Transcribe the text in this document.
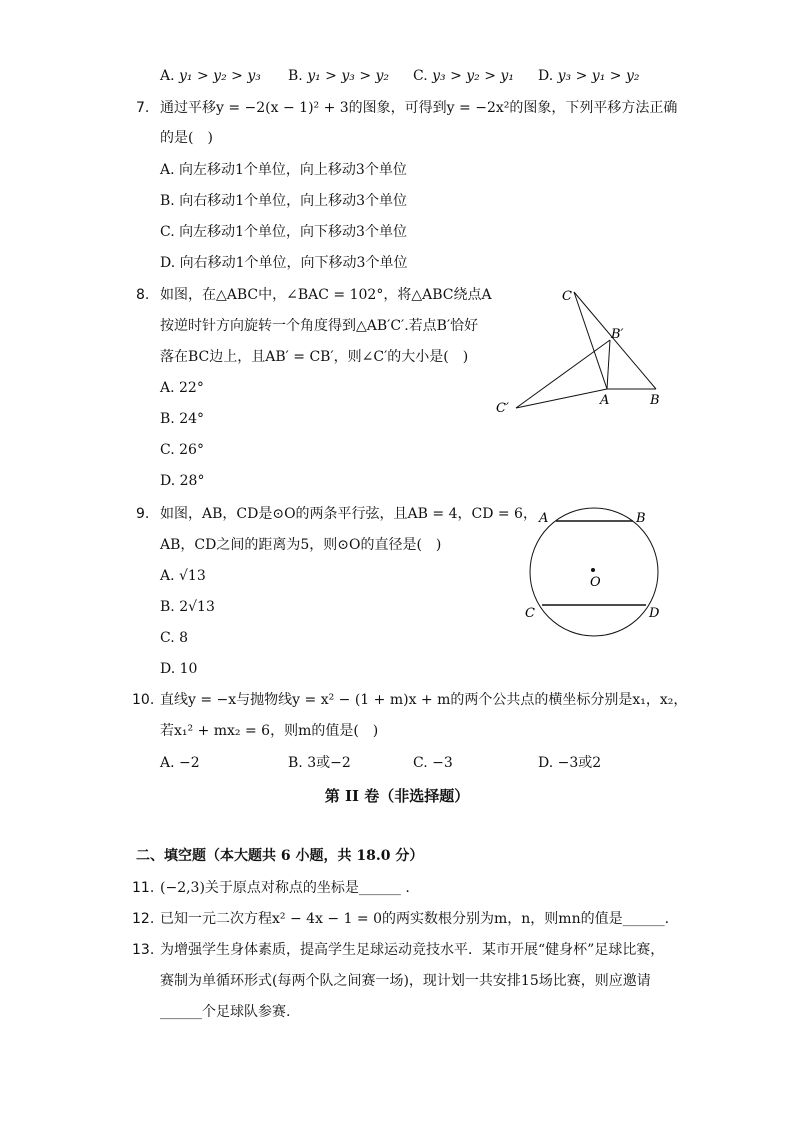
A. y₁ > y₂ > y₃ B. y₁ > y₃ > y₂ C. y₃ > y₂ > y₁ D. y₃ > y₁ > y₂
7. 通过平移y = −2(x − 1)² + 3的图象，可得到y = −2x²的图象，下列平移方法正确
的是(　)
A. 向左移动1个单位，向上移动3个单位
B. 向右移动1个单位，向上移动3个单位
C. 向左移动1个单位，向下移动3个单位
D. 向右移动1个单位，向下移动3个单位
8. 如图，在△ABC中，∠BAC = 102°，将△ABC绕点A
按逆时针方向旋转一个角度得到△AB′C′.若点B′恰好
落在BC边上，且AB′ = CB′，则∠C′的大小是(　)
A. 22°
B. 24°
C. 26°
D. 28°
C
B′
C′
A	B
9. 如图，AB，CD是⊙O的两条平行弦，且AB = 4，CD = 6，
AB，CD之间的距离为5，则⊙O的直径是(　)
A. √13
B. 2√13
C. 8
D. 10
A	B
O
C	D
10. 直线y = −x与抛物线y = x² − (1 + m)x + m的两个公共点的横坐标分别是x₁，x₂，
若x₁² + mx₂ = 6，则m的值是(　)
A. −2	B. 3或−2	C. −3	D. −3或2
第 II 卷（非选择题）
二、填空题（本大题共 6 小题，共 18.0 分）
11. (−2,3)关于原点对称点的坐标是______ .
12. 已知一元二次方程x² − 4x − 1 = 0的两实数根分别为m，n，则mn的值是______.
13. 为增强学生身体素质，提高学生足球运动竞技水平．某市开展“健身杯”足球比赛，
赛制为单循环形式(每两个队之间赛一场)，现计划一共安排15场比赛，则应邀请
______个足球队参赛.
